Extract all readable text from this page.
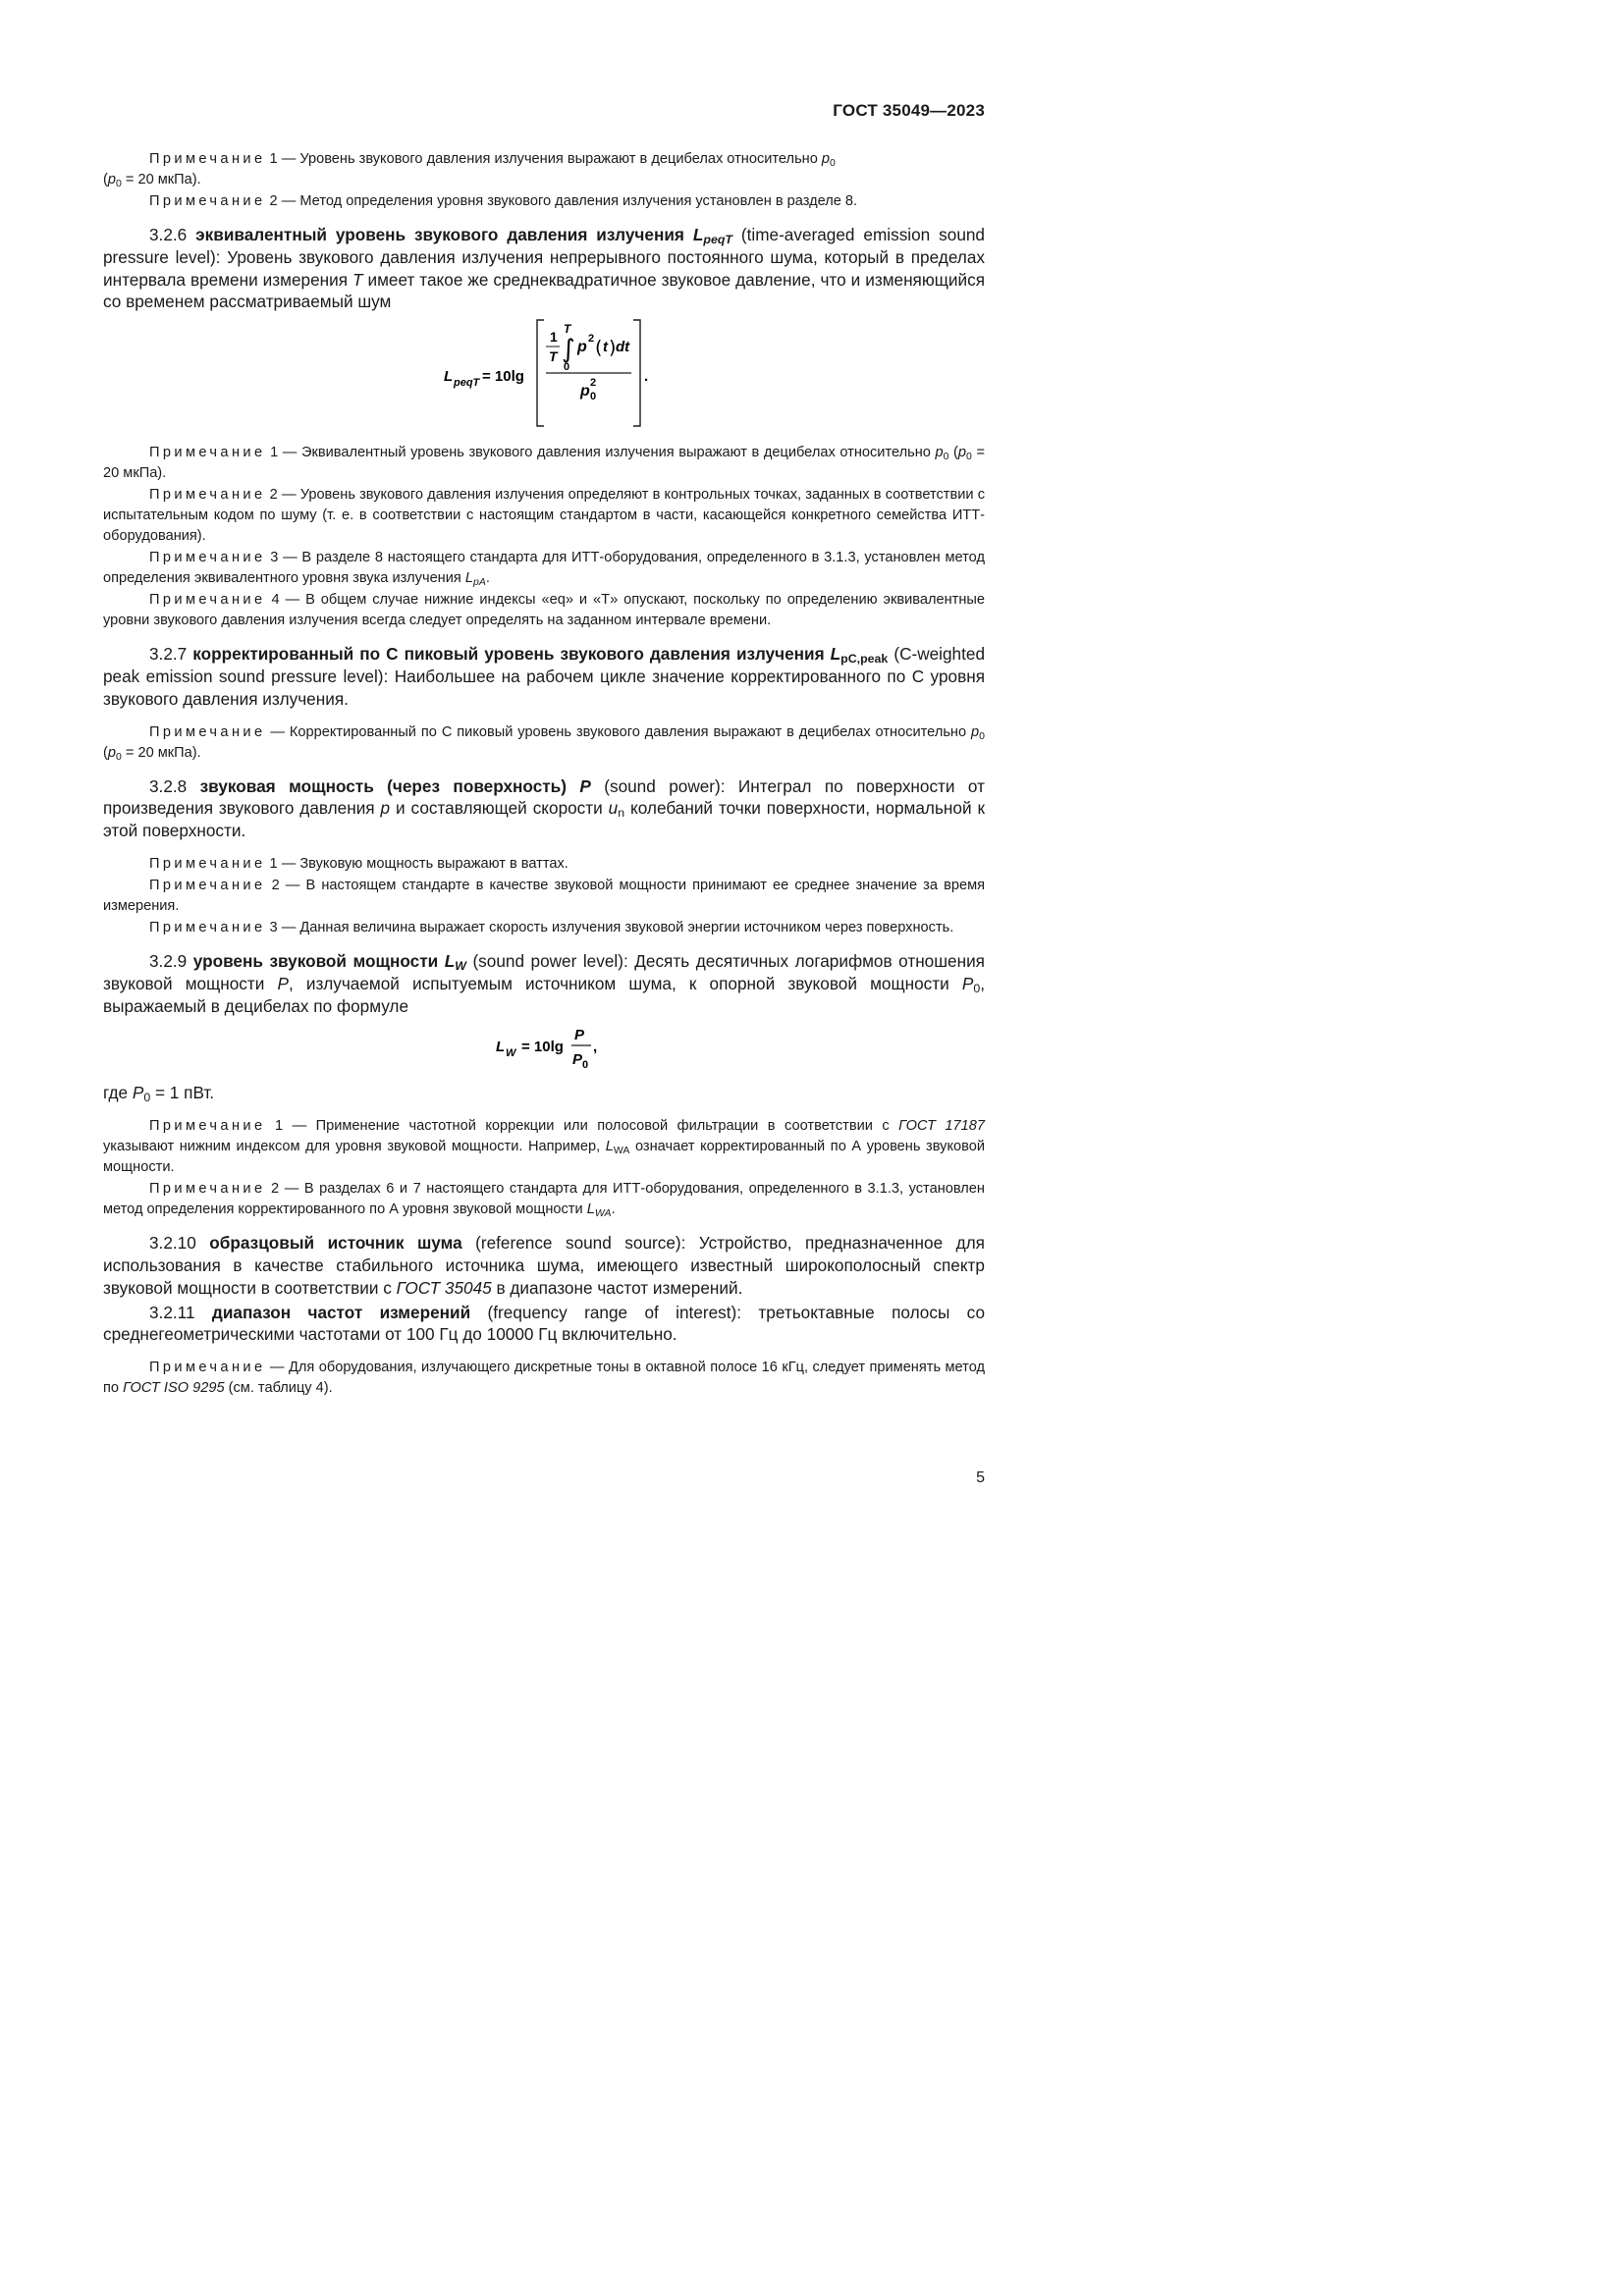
ГОСТ 35049—2023

Примечание 1 — Уровень звукового давления излучения выражают в децибелах относительно $p_0$
($p_0 = 20$ мкПа).

Примечание 2 — Метод определения уровня звукового давления излучения установлен в разделе 8.

3.2.6 эквивалентный уровень звукового давления излучения $L_{peqT}$ (time-averaged emission sound pressure level): Уровень звукового давления излучения непрерывного постоянного шума, который в пределах интервала времени измерения T имеет такое же среднеквадратичное звуковое давление, что и изменяющийся со временем рассматриваемый шум

L peqT = 10lg
1
T
T
∫
0
p 2 ( t ) dt
p 0
2	.

Примечание 1 — Эквивалентный уровень звукового давления излучения выражают в децибелах относительно $p_0$ ($p_0 = 20$ мкПа).

Примечание 2 — Уровень звукового давления излучения определяют в контрольных точках, заданных в соответствии с испытательным кодом по шуму (т. е. в соответствии с настоящим стандартом в части, касающейся конкретного семейства ИТТ-оборудования).

Примечание 3 — В разделе 8 настоящего стандарта для ИТТ-оборудования, определенного в 3.1.3, установлен метод определения эквивалентного уровня звука излучения $L_{pA}$.

Примечание 4 — В общем случае нижние индексы «eq» и «T» опускают, поскольку по определению эквивалентные уровни звукового давления излучения всегда следует определять на заданном интервале времени.

3.2.7 корректированный по С пиковый уровень звукового давления излучения $L_{pC,peak}$ (C-weighted peak emission sound pressure level): Наибольшее на рабочем цикле значение корректированного по С уровня звукового давления излучения.

Примечание — Корректированный по С пиковый уровень звукового давления выражают в децибелах относительно $p_0$ ($p_0 = 20$ мкПа).

3.2.8 звуковая мощность (через поверхность) P (sound power): Интеграл по поверхности от произведения звукового давления p и составляющей скорости $u_n$ колебаний точки поверхности, нормальной к этой поверхности.

Примечание 1 — Звуковую мощность выражают в ваттах.

Примечание 2 — В настоящем стандарте в качестве звуковой мощности принимают ее среднее значение за время измерения.

Примечание 3 — Данная величина выражает скорость излучения звуковой энергии источником через поверхность.

3.2.9 уровень звуковой мощности $L_W$ (sound power level): Десять десятичных логарифмов отношения звуковой мощности P, излучаемой испытуемым источником шума, к опорной звуковой мощности $P_0$, выражаемый в децибелах по формуле

L W = 10lg
P
P 0
,

где $P_0 = 1$ пВт.

Примечание 1 — Применение частотной коррекции или полосовой фильтрации в соответствии с ГОСТ 17187 указывают нижним индексом для уровня звуковой мощности. Например, $L_{WA}$ означает корректированный по А уровень звуковой мощности.

Примечание 2 — В разделах 6 и 7 настоящего стандарта для ИТТ-оборудования, определенного в 3.1.3, установлен метод определения корректированного по А уровня звуковой мощности $L_{WA}$.

3.2.10 образцовый источник шума (reference sound source): Устройство, предназначенное для использования в качестве стабильного источника шума, имеющего известный широкополосный спектр звуковой мощности в соответствии с ГОСТ 35045 в диапазоне частот измерений.

3.2.11 диапазон частот измерений (frequency range of interest): третьоктавные полосы со среднегеометрическими частотами от 100 Гц до 10000 Гц включительно.

Примечание — Для оборудования, излучающего дискретные тоны в октавной полосе 16 кГц, следует применять метод по ГОСТ ISO 9295 (см. таблицу 4).

5
